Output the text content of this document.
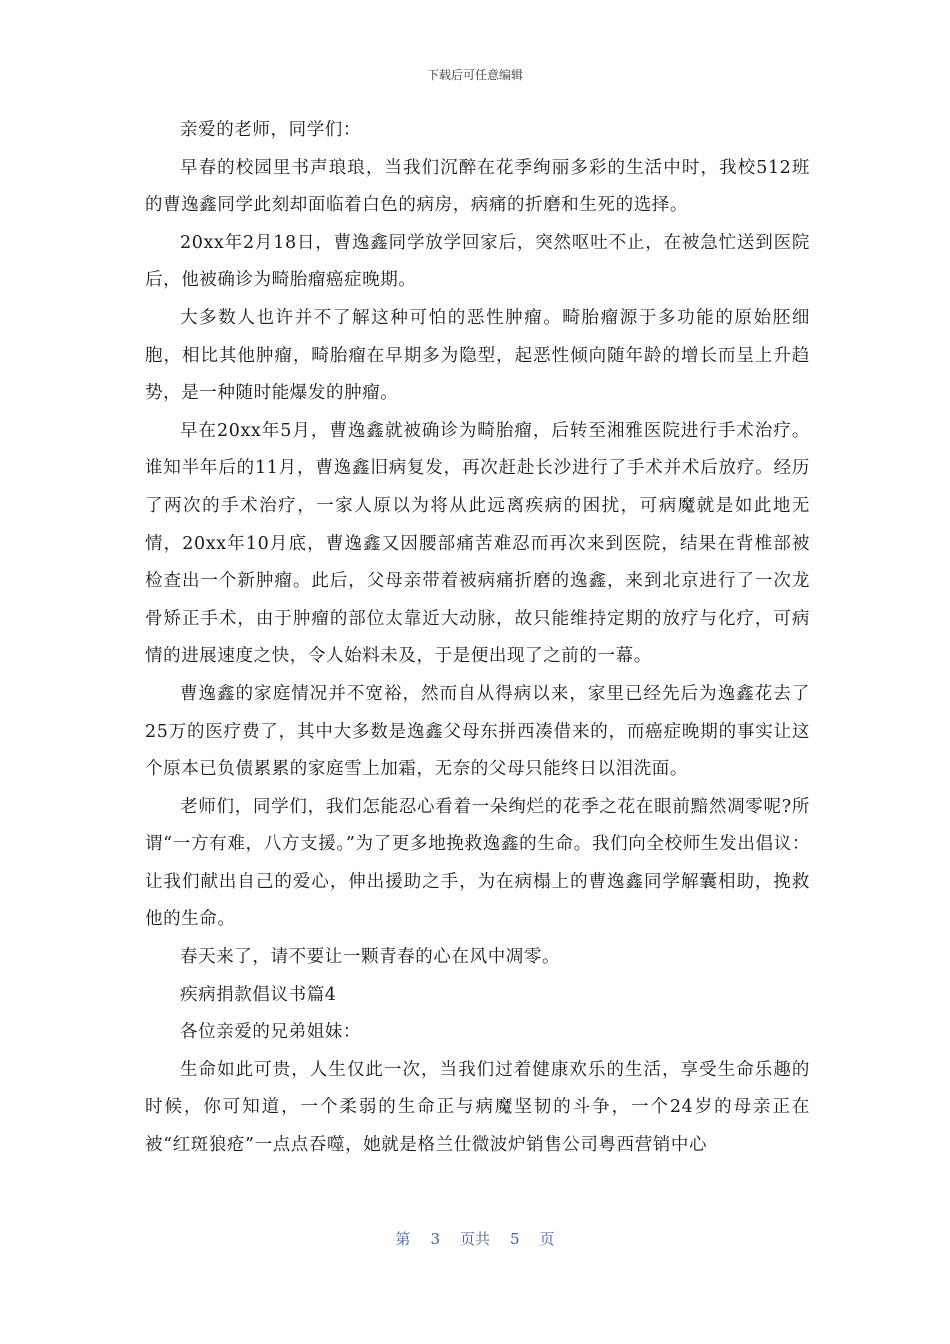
下载后可任意编辑

亲爱的老师，同学们：

早春的校园里书声琅琅，当我们沉醉在花季绚丽多彩的生活中时，我校512班的曹逸鑫同学此刻却面临着白色的病房，病痛的折磨和生死的选择。

20xx年2月18日，曹逸鑫同学放学回家后，突然呕吐不止，在被急忙送到医院后，他被确诊为畸胎瘤癌症晚期。

大多数人也许并不了解这种可怕的恶性肿瘤。畸胎瘤源于多功能的原始胚细胞，相比其他肿瘤，畸胎瘤在早期多为隐型，起恶性倾向随年龄的增长而呈上升趋势，是一种随时能爆发的肿瘤。

早在20xx年5月，曹逸鑫就被确诊为畸胎瘤，后转至湘雅医院进行手术治疗。谁知半年后的11月，曹逸鑫旧病复发，再次赶赴长沙进行了手术并术后放疗。经历了两次的手术治疗，一家人原以为将从此远离疾病的困扰，可病魔就是如此地无情，20xx年10月底，曹逸鑫又因腰部痛苦难忍而再次来到医院，结果在背椎部被检查出一个新肿瘤。此后，父母亲带着被病痛折磨的逸鑫，来到北京进行了一次龙骨矫正手术，由于肿瘤的部位太靠近大动脉，故只能维持定期的放疗与化疗，可病情的进展速度之快，令人始料未及，于是便出现了之前的一幕。

曹逸鑫的家庭情况并不宽裕，然而自从得病以来，家里已经先后为逸鑫花去了25万的医疗费了，其中大多数是逸鑫父母东拼西凑借来的，而癌症晚期的事实让这个原本已负债累累的家庭雪上加霜，无奈的父母只能终日以泪洗面。

老师们，同学们，我们怎能忍心看着一朵绚烂的花季之花在眼前黯然凋零呢?所谓“一方有难，八方支援。”为了更多地挽救逸鑫的生命。我们向全校师生发出倡议：让我们献出自己的爱心，伸出援助之手，为在病榻上的曹逸鑫同学解囊相助，挽救他的生命。

春天来了，请不要让一颗青春的心在风中凋零。

疾病捐款倡议书篇4

各位亲爱的兄弟姐妹：

生命如此可贵，人生仅此一次，当我们过着健康欢乐的生活，享受生命乐趣的时候，你可知道，一个柔弱的生命正与病魔坚韧的斗争，一个24岁的母亲正在被“红斑狼疮”一点点吞噬，她就是格兰仕微波炉销售公司粤西营销中心

第 3 页共 5 页
